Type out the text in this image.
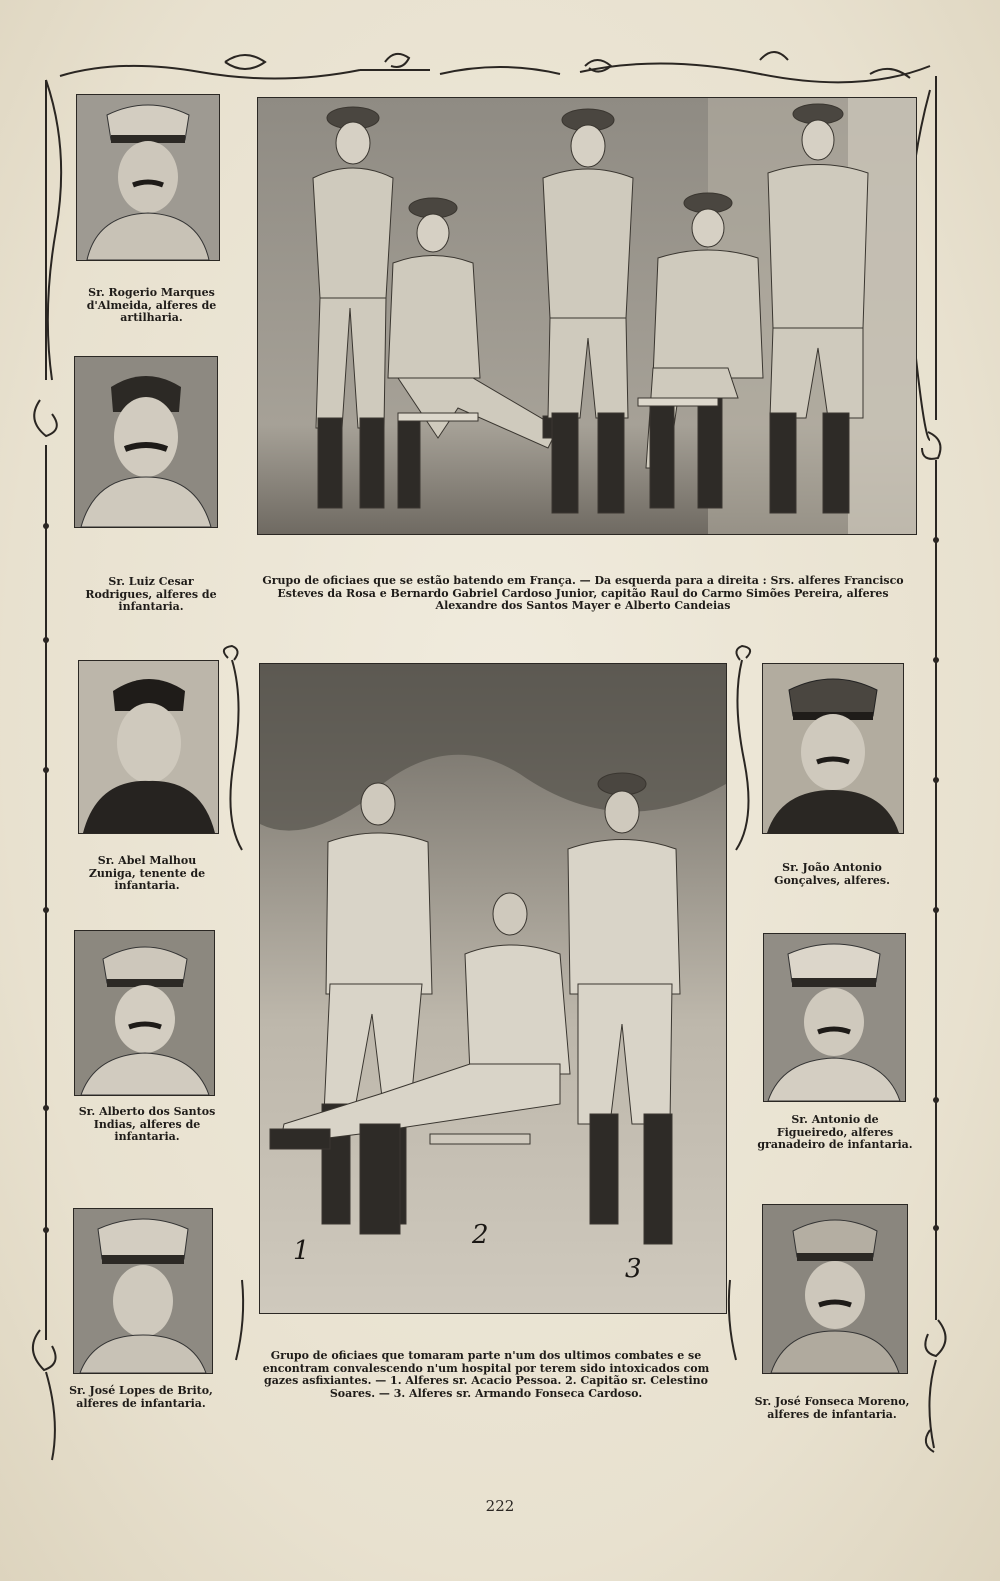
Grupo de oficiaes que se estão batendo em França. — Da esquerda para a direita : Srs. alferes Francisco Esteves da Rosa e Bernardo Gabriel Cardoso Junior, capitão Raul do Carmo Simões Pereira, alferes Alexandre dos Santos Mayer e Alberto Candeias
1
2
3
Grupo de oficiaes que tomaram parte n'um dos ultimos combates e se encontram convalescendo n'um hospital por terem sido intoxicados com gazes asfixiantes. — 1. Alferes sr. Acacio Pessoa. 2. Capitão sr. Celestino Soares. — 3. Alferes sr. Armando Fonseca Cardoso.
Sr. Rogerio Marques d'Almeida, alferes de artilharia.
Sr. Luiz Cesar Rodrigues, alferes de infantaria.
Sr. Abel Malhou Zuniga, tenente de infantaria.
Sr. Alberto dos Santos Indias, alferes de infantaria.
Sr. José Lopes de Brito, alferes de infantaria.
Sr. João Antonio Gonçalves, alferes.
Sr. Antonio de Figueiredo, alferes granadeiro de infantaria.
Sr. José Fonseca Moreno, alferes de infantaria.
222
